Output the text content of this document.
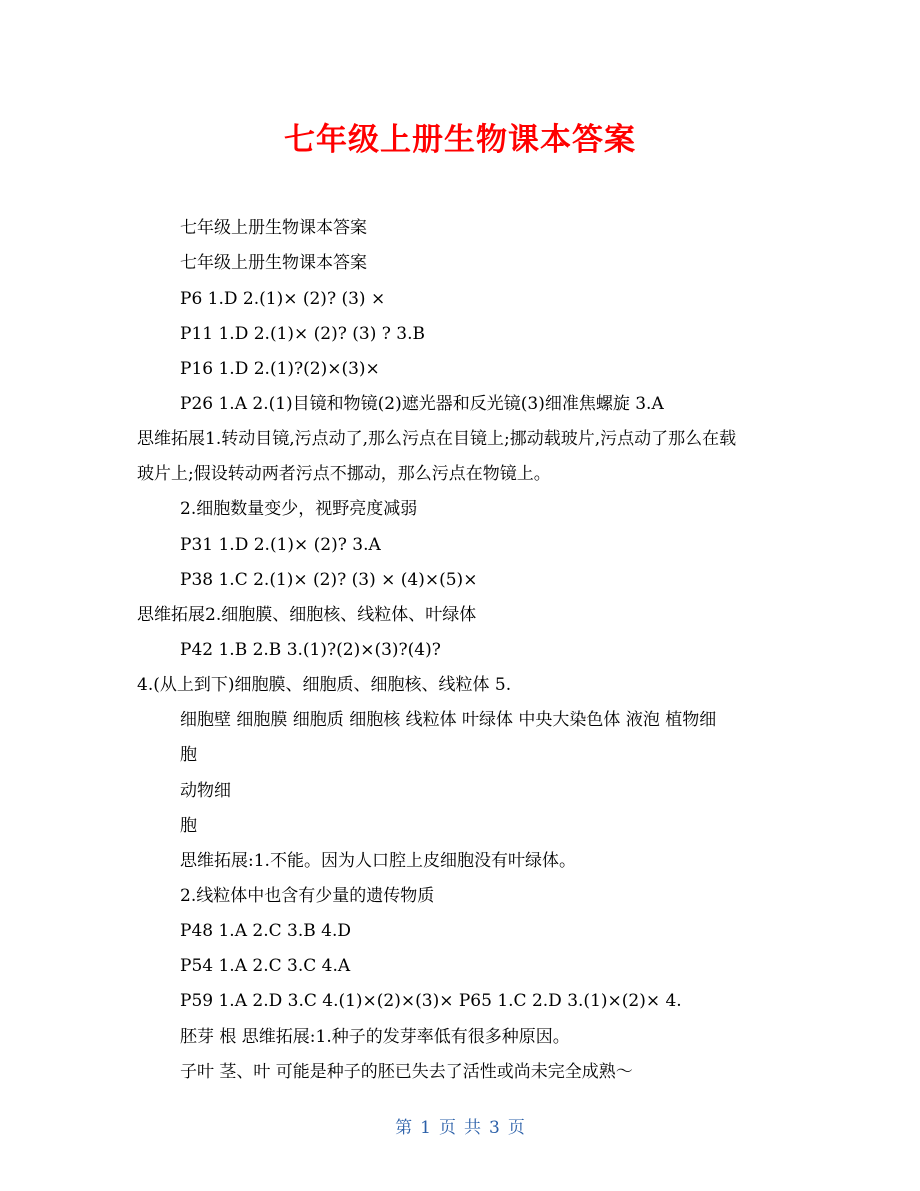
七年级上册生物课本答案
七年级上册生物课本答案
七年级上册生物课本答案
P6 1.D 2.(1)× (2)? (3) ×
P11 1.D 2.(1)× (2)? (3) ? 3.B
P16 1.D 2.(1)?(2)×(3)×
P26 1.A 2.(1)目镜和物镜(2)遮光器和反光镜(3)细准焦螺旋 3.A
思维拓展1.转动目镜,污点动了,那么污点在目镜上;挪动载玻片,污点动了那么在载
玻片上;假设转动两者污点不挪动，那么污点在物镜上。
2.细胞数量变少，视野亮度减弱
P31 1.D 2.(1)× (2)? 3.A
P38 1.C 2.(1)× (2)? (3) × (4)×(5)×
思维拓展2.细胞膜、细胞核、线粒体、叶绿体
P42 1.B 2.B 3.(1)?(2)×(3)?(4)?
4.(从上到下)细胞膜、细胞质、细胞核、线粒体 5.
细胞壁 细胞膜 细胞质 细胞核 线粒体 叶绿体 中央大染色体 液泡 植物细
胞
动物细
胞
思维拓展:1.不能。因为人口腔上皮细胞没有叶绿体。
2.线粒体中也含有少量的遗传物质
P48 1.A 2.C 3.B 4.D
P54 1.A 2.C 3.C 4.A
P59 1.A 2.D 3.C 4.(1)×(2)×(3)× P65 1.C 2.D 3.(1)×(2)× 4.
胚芽 根 思维拓展:1.种子的发芽率低有很多种原因。
子叶 茎、叶 可能是种子的胚已失去了活性或尚未完全成熟～
第 1 页 共 3 页
